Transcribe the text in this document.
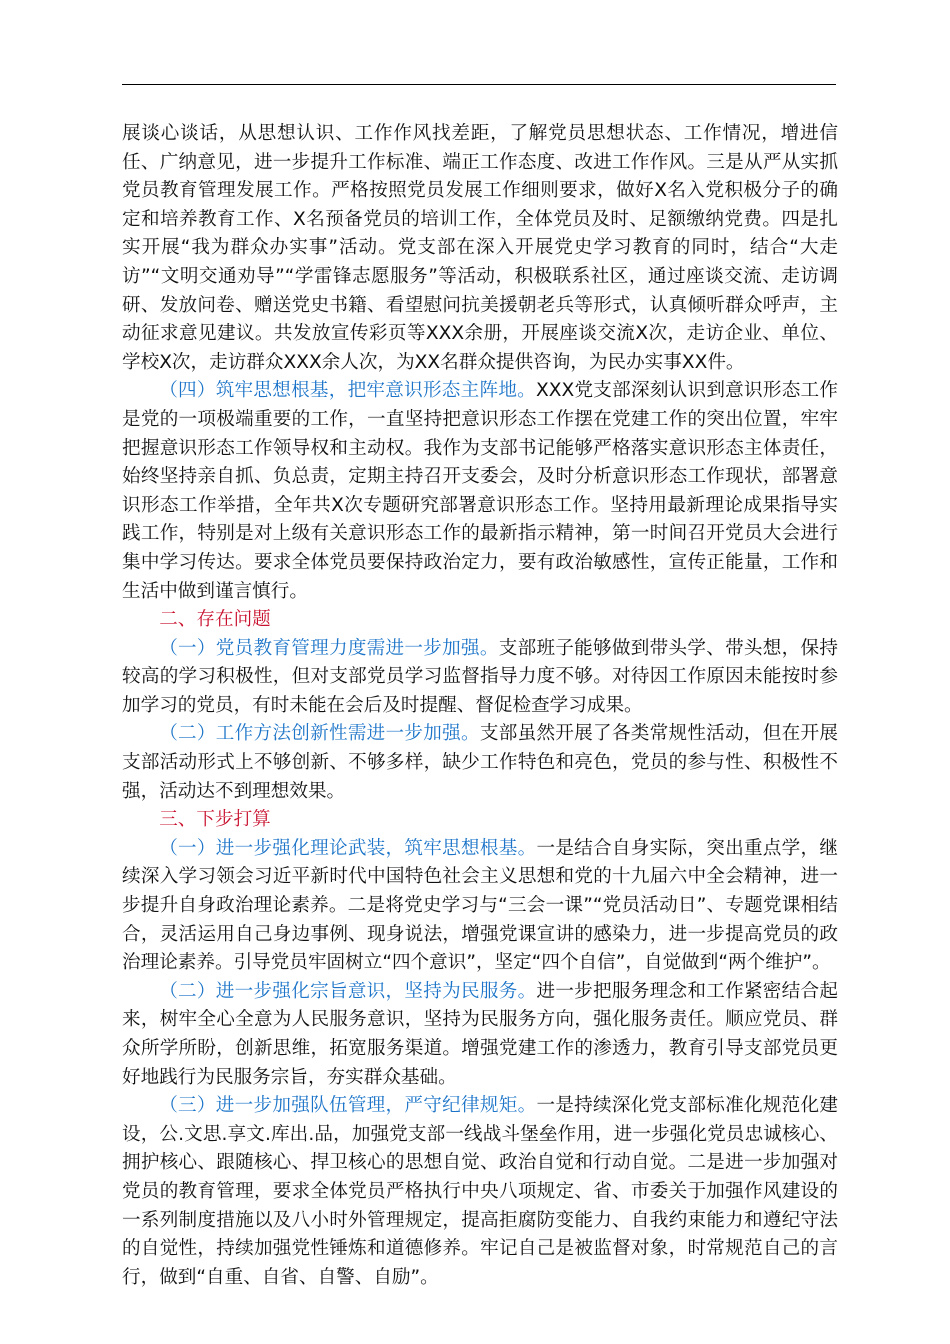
展谈心谈话，从思想认识、工作作风找差距，了解党员思想状态、工作情况，增进信任、广纳意见，进一步提升工作标准、端正工作态度、改进工作作风。三是从严从实抓党员教育管理发展工作。严格按照党员发展工作细则要求，做好X名入党积极分子的确定和培养教育工作、X名预备党员的培训工作，全体党员及时、足额缴纳党费。四是扎实开展“我为群众办实事”活动。党支部在深入开展党史学习教育的同时，结合“大走访”“文明交通劝导”“学雷锋志愿服务”等活动，积极联系社区，通过座谈交流、走访调研、发放问卷、赠送党史书籍、看望慰问抗美援朝老兵等形式，认真倾听群众呼声，主动征求意见建议。共发放宣传彩页等XXX余册，开展座谈交流X次，走访企业、单位、学校X次，走访群众XXX余人次，为XX名群众提供咨询，为民办实事XX件。

（四）筑牢思想根基，把牢意识形态主阵地。XXX党支部深刻认识到意识形态工作是党的一项极端重要的工作，一直坚持把意识形态工作摆在党建工作的突出位置，牢牢把握意识形态工作领导权和主动权。我作为支部书记能够严格落实意识形态主体责任，始终坚持亲自抓、负总责，定期主持召开支委会，及时分析意识形态工作现状，部署意识形态工作举措，全年共X次专题研究部署意识形态工作。坚持用最新理论成果指导实践工作，特别是对上级有关意识形态工作的最新指示精神，第一时间召开党员大会进行集中学习传达。要求全体党员要保持政治定力，要有政治敏感性，宣传正能量，工作和生活中做到谨言慎行。

二、存在问题

（一）党员教育管理力度需进一步加强。支部班子能够做到带头学、带头想，保持较高的学习积极性，但对支部党员学习监督指导力度不够。对待因工作原因未能按时参加学习的党员，有时未能在会后及时提醒、督促检查学习成果。

（二）工作方法创新性需进一步加强。支部虽然开展了各类常规性活动，但在开展支部活动形式上不够创新、不够多样，缺少工作特色和亮色，党员的参与性、积极性不强，活动达不到理想效果。

三、下步打算

（一）进一步强化理论武装，筑牢思想根基。一是结合自身实际，突出重点学，继续深入学习领会习近平新时代中国特色社会主义思想和党的十九届六中全会精神，进一步提升自身政治理论素养。二是将党史学习与“三会一课”“党员活动日”、专题党课相结合，灵活运用自己身边事例、现身说法，增强党课宣讲的感染力，进一步提高党员的政治理论素养。引导党员牢固树立“四个意识”，坚定“四个自信”，自觉做到“两个维护”。

（二）进一步强化宗旨意识，坚持为民服务。进一步把服务理念和工作紧密结合起来，树牢全心全意为人民服务意识，坚持为民服务方向，强化服务责任。顺应党员、群众所学所盼，创新思维，拓宽服务渠道。增强党建工作的渗透力，教育引导支部党员更好地践行为民服务宗旨，夯实群众基础。

（三）进一步加强队伍管理，严守纪律规矩。一是持续深化党支部标准化规范化建设，公.文思.享文.库出.品，加强党支部一线战斗堡垒作用，进一步强化党员忠诚核心、拥护核心、跟随核心、捍卫核心的思想自觉、政治自觉和行动自觉。二是进一步加强对党员的教育管理，要求全体党员严格执行中央八项规定、省、市委关于加强作风建设的一系列制度措施以及八小时外管理规定，提高拒腐防变能力、自我约束能力和遵纪守法的自觉性，持续加强党性锤炼和道德修养。牢记自己是被监督对象，时常规范自己的言行，做到“自重、自省、自警、自励”。
